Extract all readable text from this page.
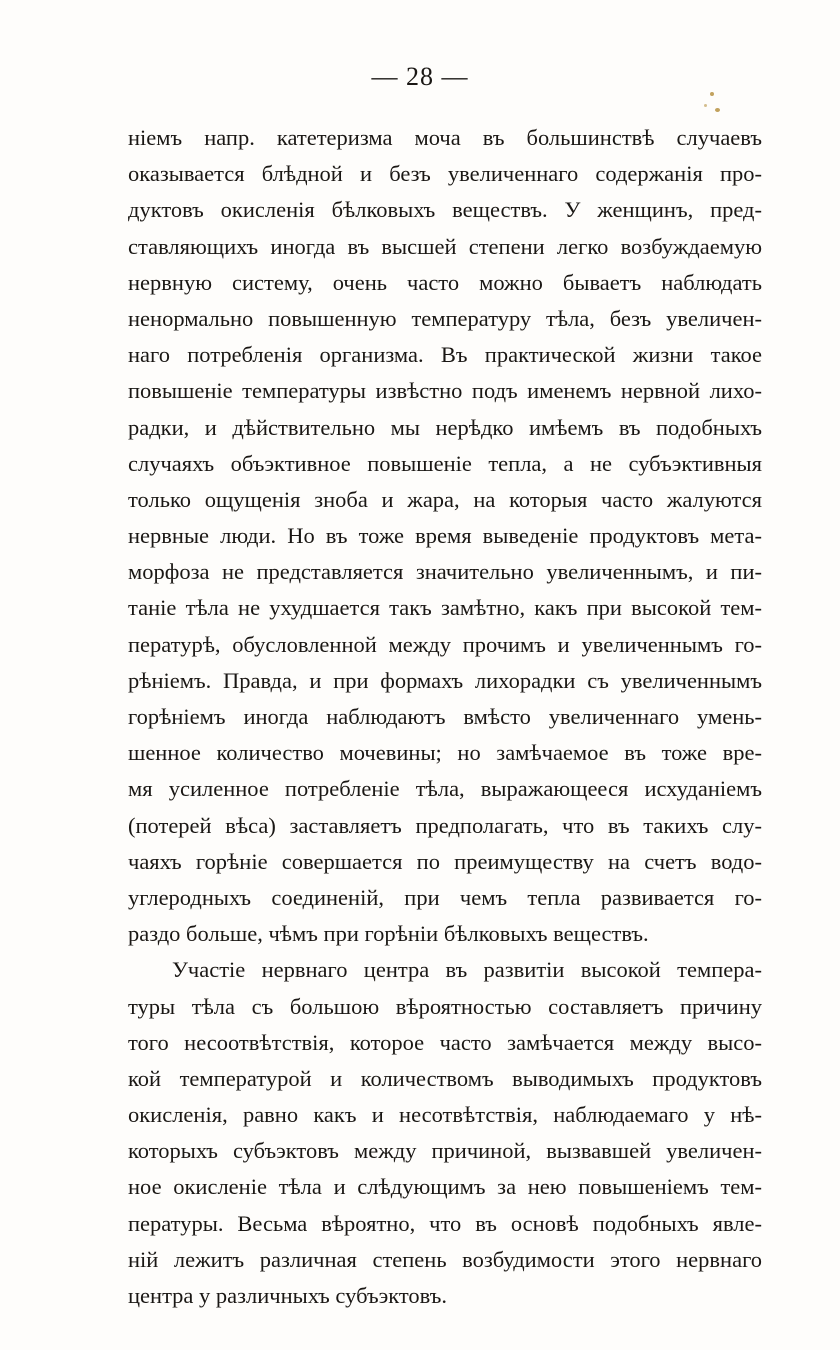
— 28 —
ніемъ напр. катетеризма моча въ большинствѣ случаевъ
оказывается блѣдной и безъ увеличеннаго содержанія про-
дуктовъ окисленія бѣлковыхъ веществъ. У женщинъ, пред-
ставляющихъ иногда въ высшей степени легко возбуждаемую
нервную систему, очень часто можно бываетъ наблюдать
ненормально повышенную температуру тѣла, безъ увеличен-
наго потребленія организма. Въ практической жизни такое
повышеніе температуры извѣстно подъ именемъ нервной лихо-
радки, и дѣйствительно мы нерѣдко имѣемъ въ подобныхъ
случаяхъ объэктивное повышеніе тепла, а не субъэктивныя
только ощущенія зноба и жара, на которыя часто жалуются
нервные люди. Но въ тоже время выведеніе продуктовъ мета-
морфоза не представляется значительно увеличеннымъ, и пи-
таніе тѣла не ухудшается такъ замѣтно, какъ при высокой тем-
пературѣ, обусловленной между прочимъ и увеличеннымъ го-
рѣніемъ. Правда, и при формахъ лихорадки съ увеличеннымъ
горѣніемъ иногда наблюдаютъ вмѣсто увеличеннаго умень-
шенное количество мочевины; но замѣчаемое въ тоже вре-
мя усиленное потребленіе тѣла, выражающееся исхуданіемъ
(потерей вѣса) заставляетъ предполагать, что въ такихъ слу-
чаяхъ горѣніе совершается по преимуществу на счетъ водо-
углеродныхъ соединеній, при чемъ тепла развивается го-
раздо больше, чѣмъ при горѣніи бѣлковыхъ веществъ.
Участіе нервнаго центра въ развитіи высокой темпера-
туры тѣла съ большою вѣроятностью составляетъ причину
того несоотвѣтствія, которое часто замѣчается между высо-
кой температурой и количествомъ выводимыхъ продуктовъ
окисленія, равно какъ и несотвѣтствія, наблюдаемаго у нѣ-
которыхъ субъэктовъ между причиной, вызвавшей увеличен-
ное окисленіе тѣла и слѣдующимъ за нею повышеніемъ тем-
пературы. Весьма вѣроятно, что въ основѣ подобныхъ явле-
ній лежитъ различная степень возбудимости этого нервнаго
центра у различныхъ субъэктовъ.
